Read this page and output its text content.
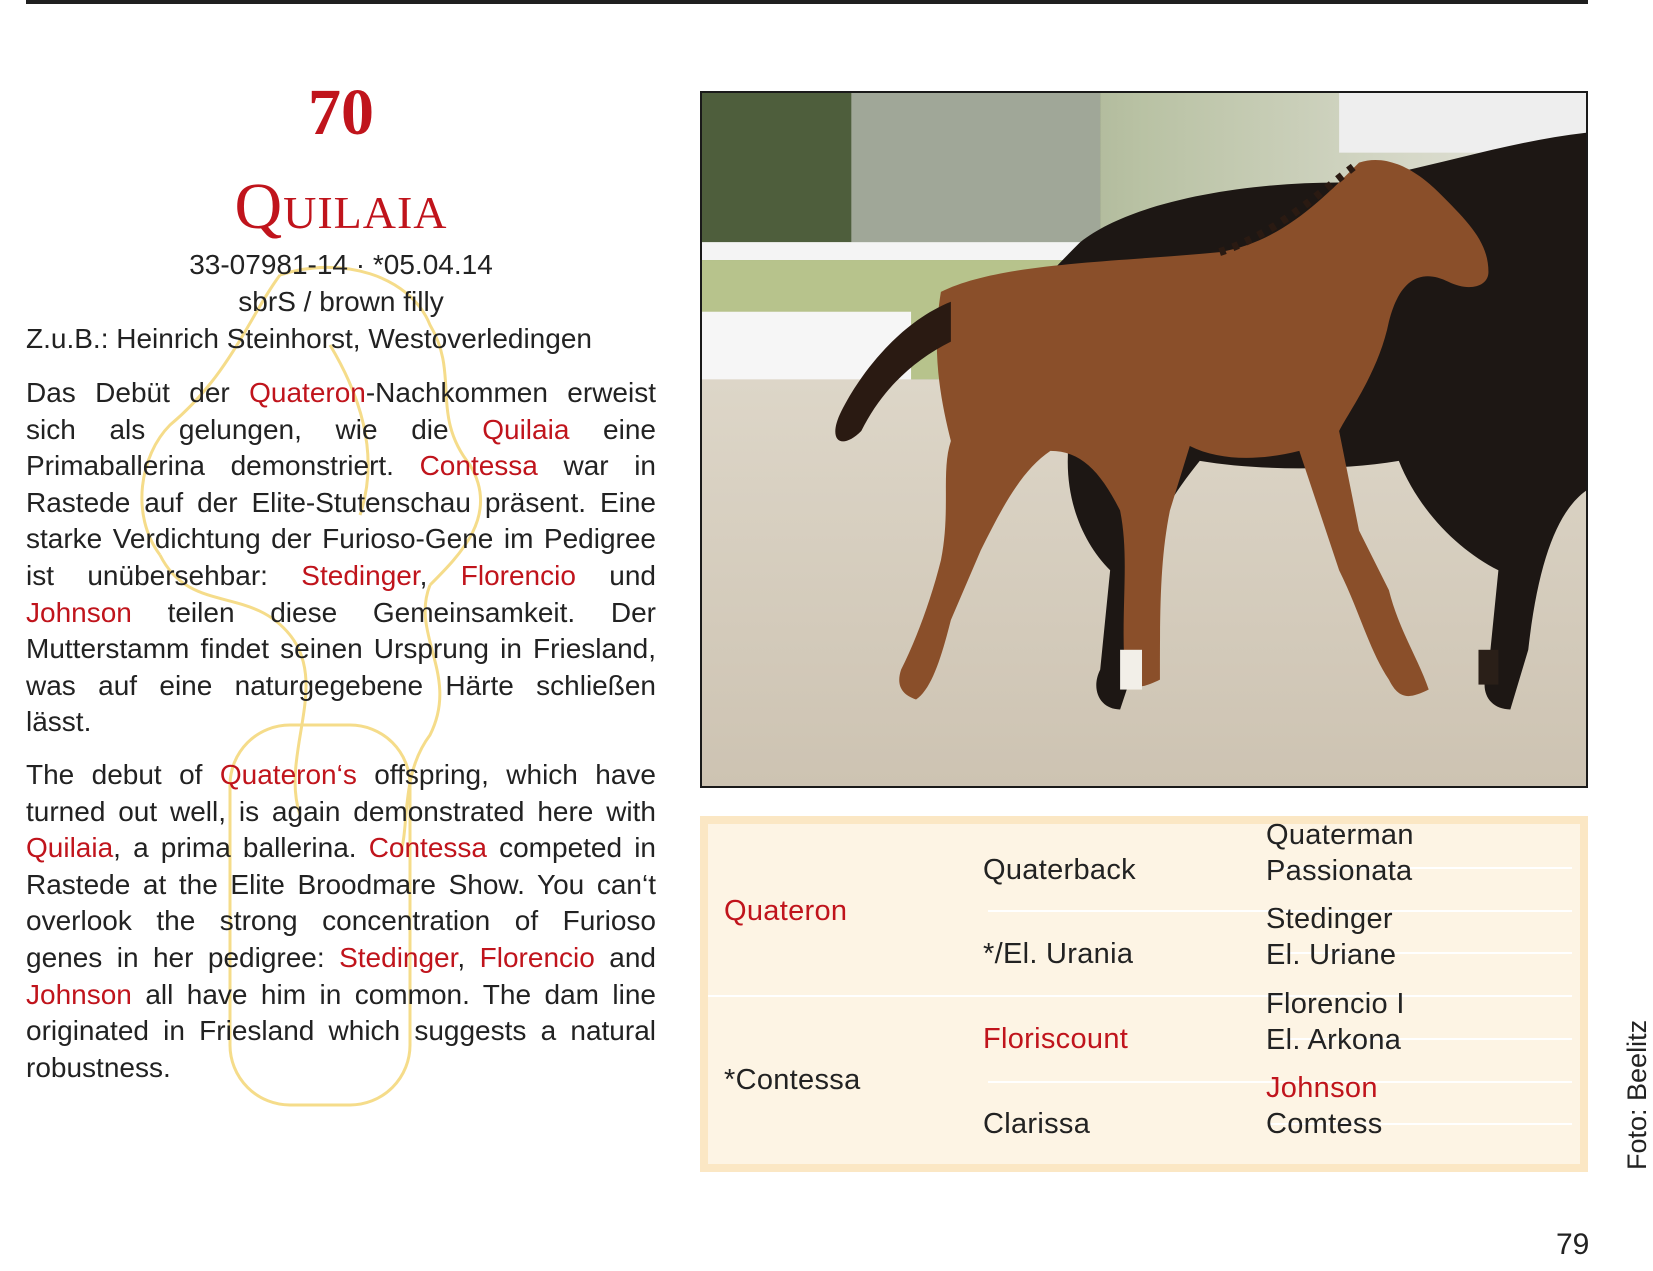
70
Quilaia
33-07981-14 · *05.04.14
sbrS / brown filly
Z.u.B.: Heinrich Steinhorst, Westoverledingen
Das Debüt der Quateron-Nachkommen erweist sich als gelungen, wie die Quilaia eine Primaballerina demonstriert. Contessa war in Rastede auf der Elite-Stutenschau präsent. Eine starke Verdichtung der Furioso-Gene im Pedigree ist unübersehbar: Stedinger, Florencio und Johnson teilen diese Gemeinsamkeit. Der Mutterstamm findet seinen Ursprung in Friesland, was auf eine naturgegebene Härte schließen lässt.
The debut of Quateron‘s offspring, which have turned out well, is again demonstrated here with Quilaia, a prima ballerina. Contessa competed in Rastede at the Elite Broodmare Show. You can‘t overlook the strong concentration of Furioso genes in her pedigree: Stedinger, Florencio and Johnson all have him in common. The dam line originated in Friesland which suggests a natural robustness.
Quateron
*Contessa
Quaterback
*/El. Urania
Floriscount
Clarissa
Quaterman
Passionata
Stedinger
El. Uriane
Florencio I
El. Arkona
Johnson
Comtess	Foto: Beelitz
79
